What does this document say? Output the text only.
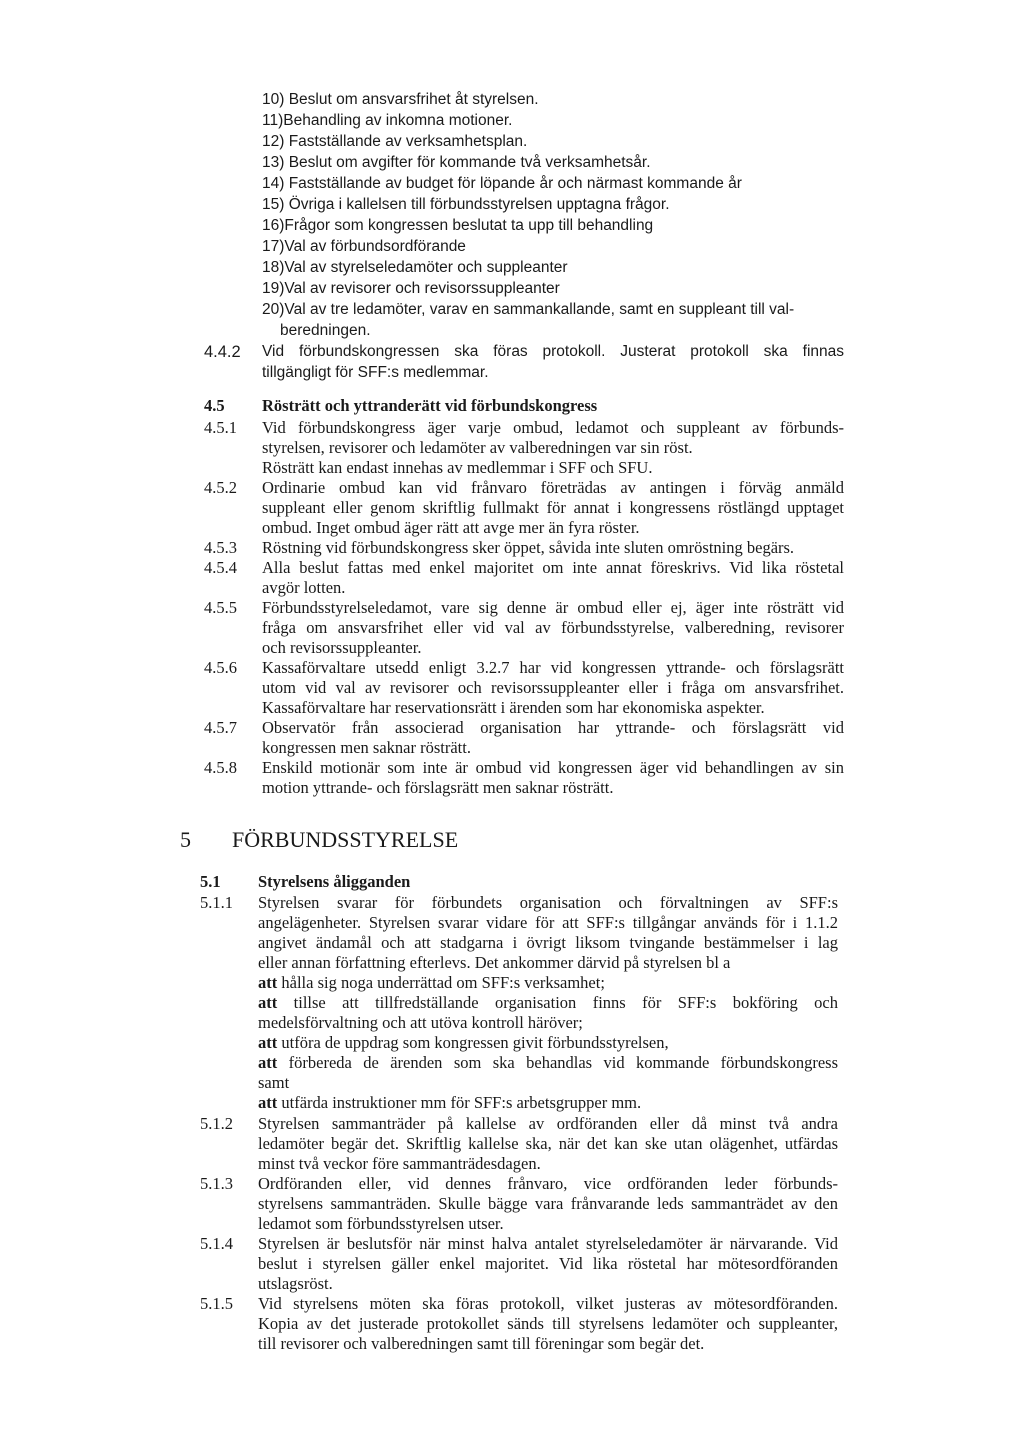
10) Beslut om ansvarsfrihet åt styrelsen.

11)Behandling av inkomna motioner.

12) Fastställande av verksamhetsplan.

13) Beslut om avgifter för kommande två verksamhetsår.

14) Fastställande av budget för löpande år och närmast kommande år

15) Övriga i kallelsen till förbundsstyrelsen upptagna frågor.

16)Frågor som kongressen beslutat ta upp till behandling

17)Val av förbundsordförande

18)Val av styrelseledamöter och suppleanter

19)Val av revisorer och revisorssuppleanter

20)Val av tre ledamöter, varav en sammankallande, samt en suppleant till val-

beredningen.

4.4.2 Vid förbundskongressen ska föras protokoll. Justerat protokoll ska finnas

tillgängligt för SFF:s medlemmar.

4.5 Rösträtt och yttranderätt vid förbundskongress

4.5.1 Vid förbundskongress äger varje ombud, ledamot och suppleant av förbunds-

styrelsen, revisorer och ledamöter av valberedningen var sin röst.

Rösträtt kan endast innehas av medlemmar i SFF och SFU.

4.5.2 Ordinarie ombud kan vid frånvaro företrädas av antingen i förväg anmäld

suppleant eller genom skriftlig fullmakt för annat i kongressens röstlängd upptaget

ombud. Inget ombud äger rätt att avge mer än fyra röster.

4.5.3 Röstning vid förbundskongress sker öppet, såvida inte sluten omröstning begärs.

4.5.4 Alla beslut fattas med enkel majoritet om inte annat föreskrivs. Vid lika röstetal

avgör lotten.

4.5.5 Förbundsstyrelseledamot, vare sig denne är ombud eller ej, äger inte rösträtt vid

fråga om ansvarsfrihet eller vid val av förbundsstyrelse, valberedning, revisorer

och revisorssuppleanter.

4.5.6 Kassaförvaltare utsedd enligt 3.2.7 har vid kongressen yttrande- och förslagsrätt

utom vid val av revisorer och revisorssuppleanter eller i fråga om ansvarsfrihet.

Kassaförvaltare har reservationsrätt i ärenden som har ekonomiska aspekter.

4.5.7 Observatör från associerad organisation har yttrande- och förslagsrätt vid

kongressen men saknar rösträtt.

4.5.8 Enskild motionär som inte är ombud vid kongressen äger vid behandlingen av sin

motion yttrande- och förslagsrätt men saknar rösträtt.

5 FÖRBUNDSSTYRELSE

5.1 Styrelsens åligganden

5.1.1 Styrelsen svarar för förbundets organisation och förvaltningen av SFF:s

angelägenheter. Styrelsen svarar vidare för att SFF:s tillgångar används för i 1.1.2

angivet ändamål och att stadgarna i övrigt liksom tvingande bestämmelser i lag

eller annan författning efterlevs. Det ankommer därvid på styrelsen bl a

att hålla sig noga underrättad om SFF:s verksamhet;

att tillse att tillfredställande organisation finns för SFF:s bokföring och

medelsförvaltning och att utöva kontroll häröver;

att utföra de uppdrag som kongressen givit förbundsstyrelsen,

att förbereda de ärenden som ska behandlas vid kommande förbundskongress

samt

att utfärda instruktioner mm för SFF:s arbetsgrupper mm.

5.1.2 Styrelsen sammanträder på kallelse av ordföranden eller då minst två andra

ledamöter begär det. Skriftlig kallelse ska, när det kan ske utan olägenhet, utfärdas

minst två veckor före sammanträdesdagen.

5.1.3 Ordföranden eller, vid dennes frånvaro, vice ordföranden leder förbunds-

styrelsens sammanträden. Skulle bägge vara frånvarande leds sammanträdet av den

ledamot som förbundsstyrelsen utser.

5.1.4 Styrelsen är beslutsför när minst halva antalet styrelseledamöter är närvarande. Vid

beslut i styrelsen gäller enkel majoritet. Vid lika röstetal har mötesordföranden

utslagsröst.

5.1.5 Vid styrelsens möten ska föras protokoll, vilket justeras av mötesordföranden.

Kopia av det justerade protokollet sänds till styrelsens ledamöter och suppleanter,

till revisorer och valberedningen samt till föreningar som begär det.
